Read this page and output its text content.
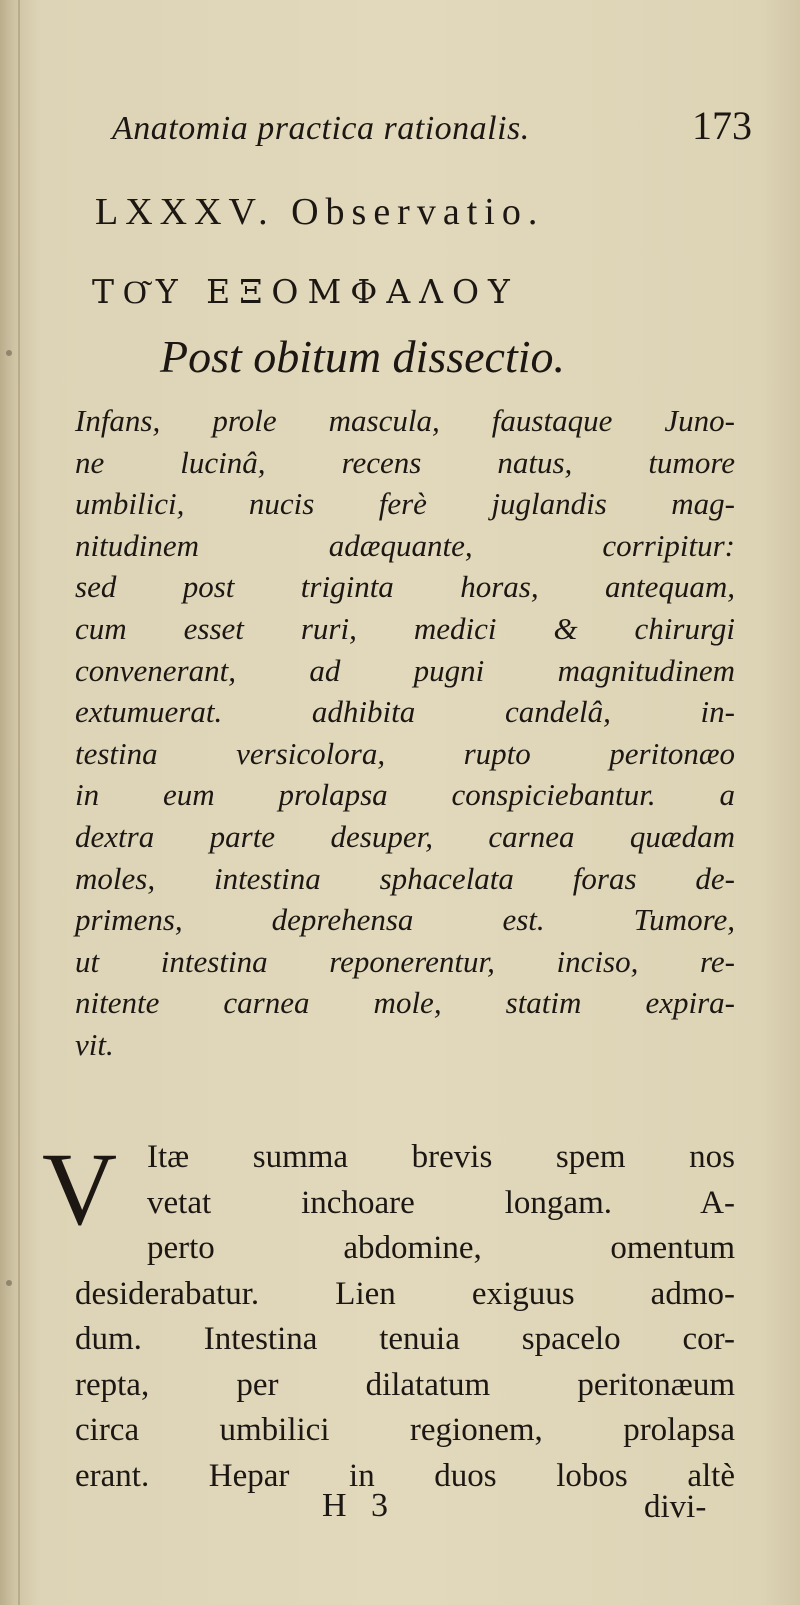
Anatomia practica rationalis.	173
LXXXV. Observatio.
ΤΟ͂Υ ΕΞΟΜΦΑΛΟΥ
Post obitum dissectio.
Infans, prole mascula, faustaque Juno-
ne lucinâ, recens natus, tumore
umbilici, nucis ferè juglandis mag-
nitudinem adæquante, corripitur:
sed post triginta horas, antequam,
cum esset ruri, medici & chirurgi
convenerant, ad pugni magnitudinem
extumuerat. adhibita candelâ, in-
testina versicolora, rupto peritonæo
in eum prolapsa conspiciebantur. a
dextra parte desuper, carnea quædam
moles, intestina sphacelata foras de-
primens, deprehensa est. Tumore,
ut intestina reponerentur, inciso, re-
nitente carnea mole, statim expira-
vit.
V Itæ summa brevis spem nos
vetat inchoare longam. A-
perto abdomine, omentum
desiderabatur. Lien exiguus admo-
dum. Intestina tenuia spacelo cor-
repta, per dilatatum peritonæum
circa umbilici regionem, prolapsa
erant. Hepar in duos lobos altè
H 3	divi-
